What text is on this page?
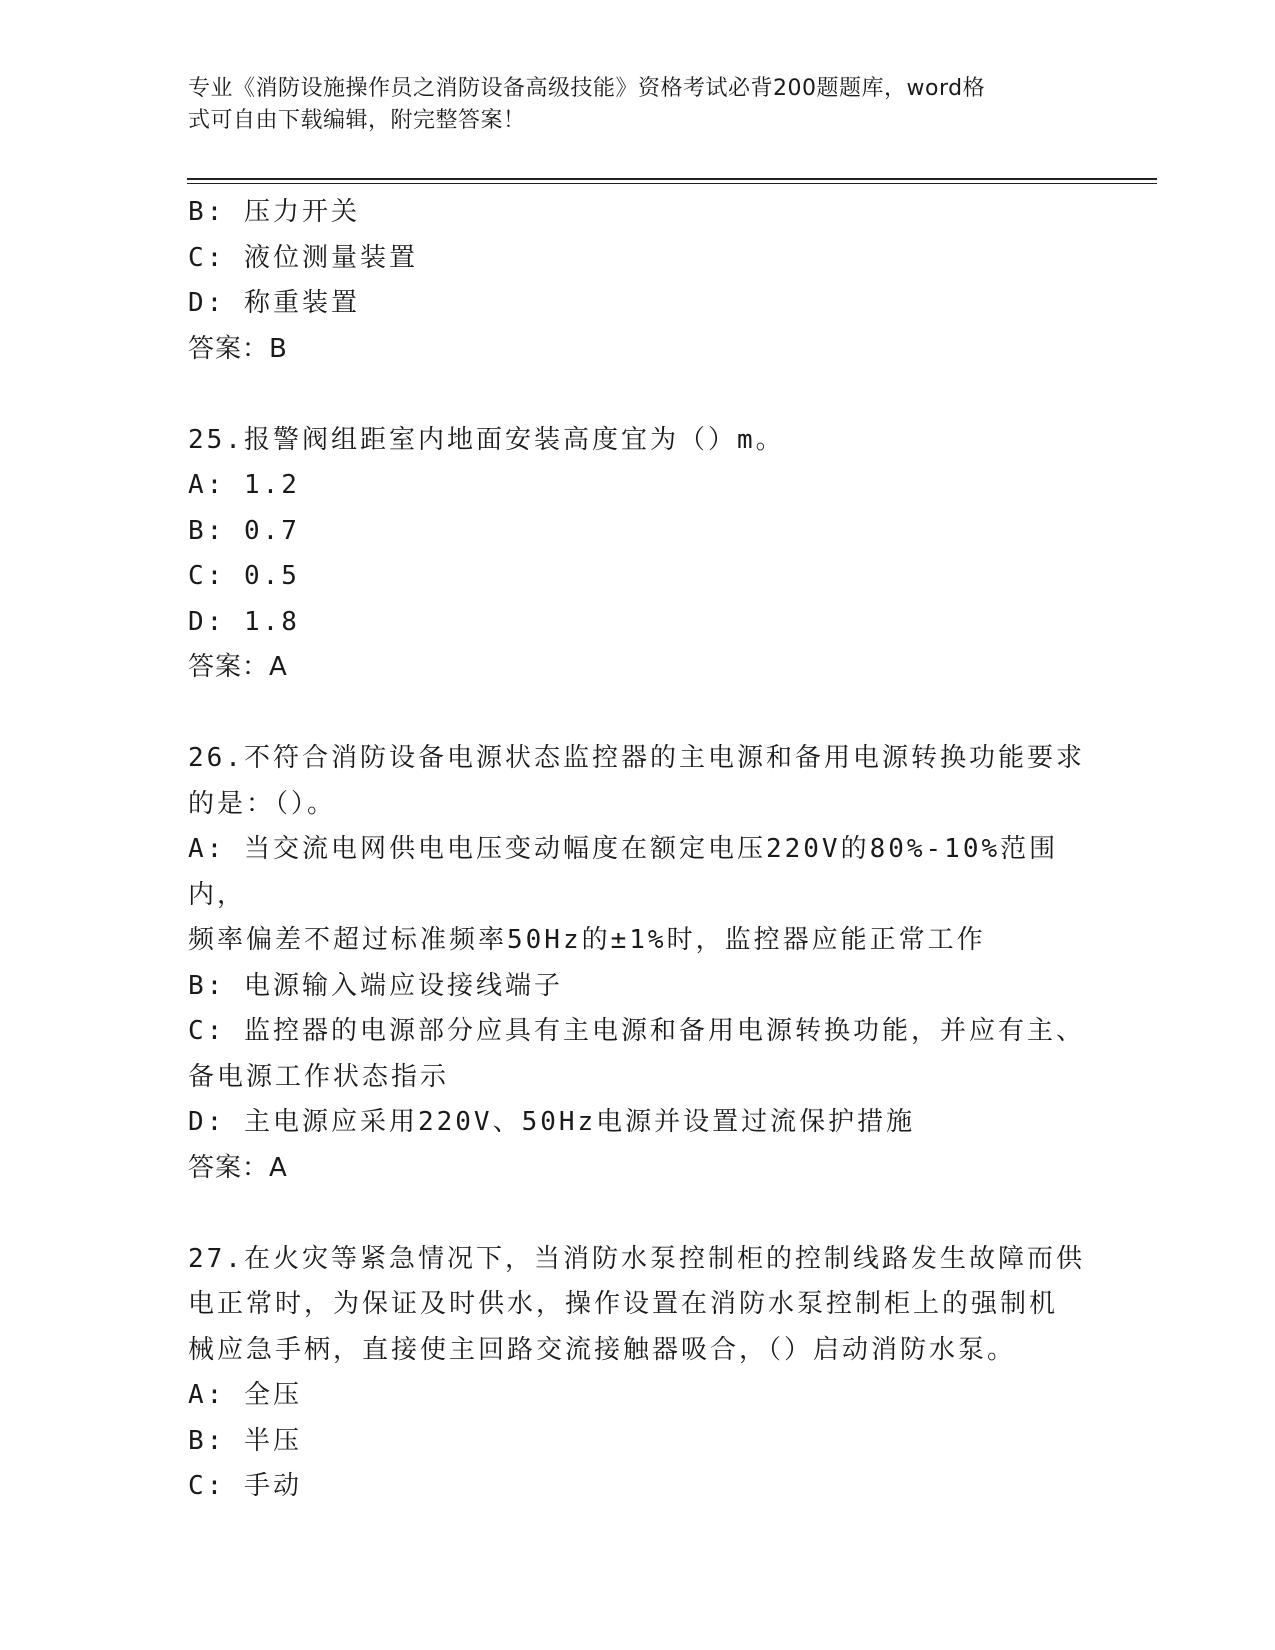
专业《消防设施操作员之消防设备高级技能》资格考试必背200题题库，word格
式可自由下载编辑，附完整答案！
B: 压力开关
C: 液位测量装置
D: 称重装置
答案：B
25.报警阀组距室内地面安装高度宜为（）m。
A: 1.2
B: 0.7
C: 0.5
D: 1.8
答案：A
26.不符合消防设备电源状态监控器的主电源和备用电源转换功能要求
的是：（）。
A: 当交流电网供电电压变动幅度在额定电压220V的80%-10%范围内，
频率偏差不超过标准频率50Hz的±1%时，监控器应能正常工作
B: 电源输入端应设接线端子
C: 监控器的电源部分应具有主电源和备用电源转换功能，并应有主、
备电源工作状态指示
D: 主电源应采用220V、50Hz电源并设置过流保护措施
答案：A
27.在火灾等紧急情况下，当消防水泵控制柜的控制线路发生故障而供
电正常时，为保证及时供水，操作设置在消防水泵控制柜上的强制机
械应急手柄，直接使主回路交流接触器吸合，（）启动消防水泵。
A: 全压
B: 半压
C: 手动
